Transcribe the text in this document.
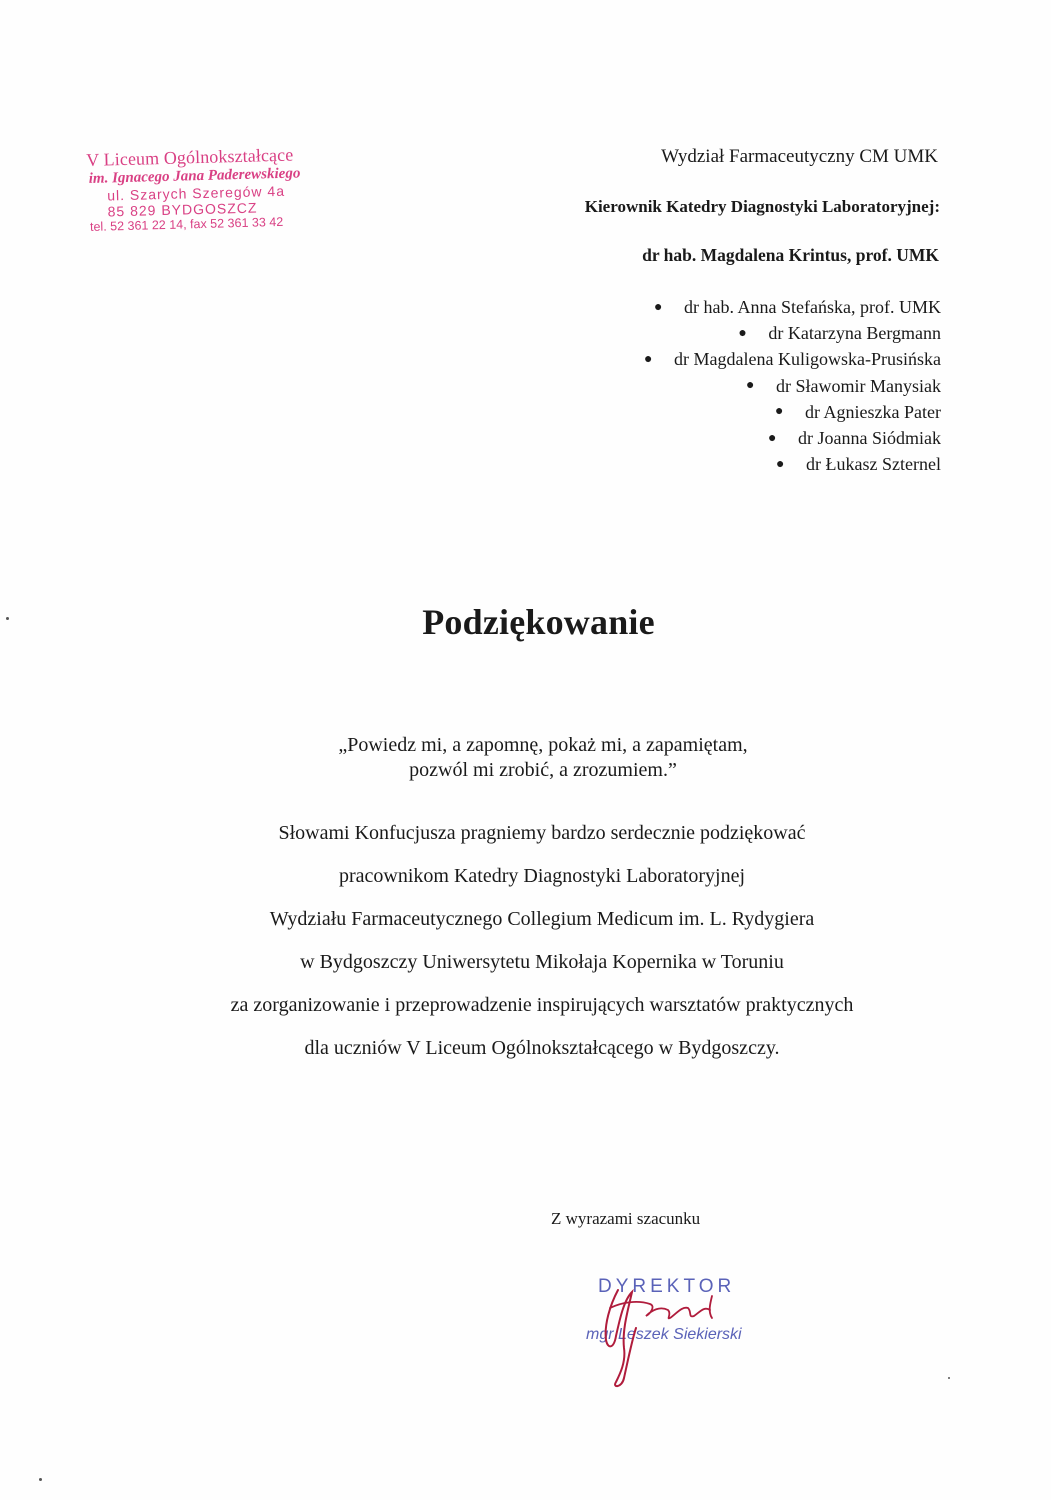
V Liceum Ogólnokształcące
im. Ignacego Jana Paderewskiego
ul. Szarych Szeregów 4a
85 829 BYDGOSZCZ
tel. 52 361 22 14, fax 52 361 33 42
Wydział Farmaceutyczny CM UMK
Kierownik Katedry Diagnostyki Laboratoryjnej:
dr hab. Magdalena Krintus, prof. UMK
● dr hab. Anna Stefańska, prof. UMK
● dr Katarzyna Bergmann
● dr Magdalena Kuligowska-Prusińska
● dr Sławomir Manysiak
● dr Agnieszka Pater
● dr Joanna Siódmiak
● dr Łukasz Szternel
Podziękowanie
„Powiedz mi, a zapomnę, pokaż mi, a zapamiętam,
pozwól mi zrobić, a zrozumiem.”
Słowami Konfucjusza pragniemy bardzo serdecznie podziękować
pracownikom Katedry Diagnostyki Laboratoryjnej
Wydziału Farmaceutycznego Collegium Medicum im. L. Rydygiera
w Bydgoszczy Uniwersytetu Mikołaja Kopernika w Toruniu
za zorganizowanie i przeprowadzenie inspirujących warsztatów praktycznych
dla uczniów V Liceum Ogólnokształcącego w Bydgoszczy.
Z wyrazami szacunku
DYREKTOR
mgr Leszek Siekierski
